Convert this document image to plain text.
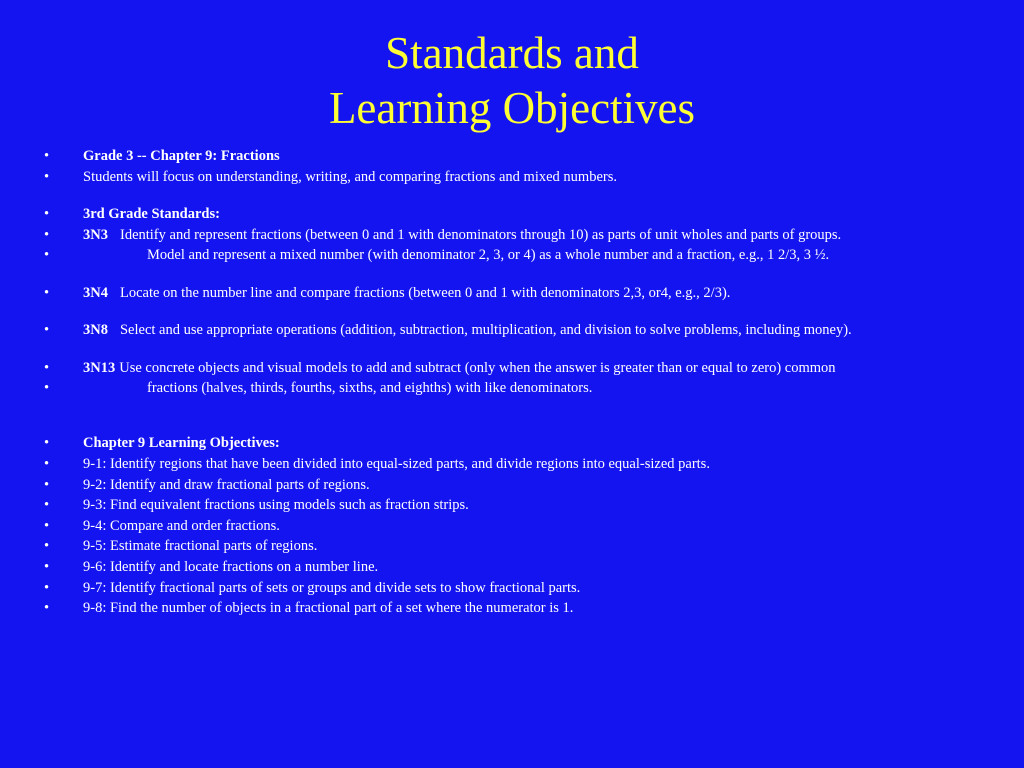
Standards and
Learning Objectives
•	Grade 3 -- Chapter 9: Fractions
•	Students will focus on understanding, writing, and comparing fractions and mixed numbers.
•	3rd Grade Standards:
•	3N3 Identify and represent fractions (between 0 and 1 with denominators through 10) as parts of unit wholes and parts of groups.
•	Model and represent a mixed number (with denominator 2, 3, or 4) as a whole number and a fraction, e.g., 1 2/3, 3 ½.
•	3N4 Locate on the number line and compare fractions (between 0 and 1 with denominators 2,3, or4, e.g., 2/3).
•	3N8 Select and use appropriate operations (addition, subtraction, multiplication, and division to solve problems, including money).
•	3N13 Use concrete objects and visual models to add and subtract (only when the answer is greater than or equal to zero) common
•	fractions (halves, thirds, fourths, sixths, and eighths) with like denominators.
•	Chapter 9 Learning Objectives:
•	9-1: Identify regions that have been divided into equal-sized parts, and divide regions into equal-sized parts.
•	9-2: Identify and draw fractional parts of regions.
•	9-3: Find equivalent fractions using models such as fraction strips.
•	9-4: Compare and order fractions.
•	9-5: Estimate fractional parts of regions.
•	9-6: Identify and locate fractions on a number line.
•	9-7: Identify fractional parts of sets or groups and divide sets to show fractional parts.
•	9-8: Find the number of objects in a fractional part of a set where the numerator is 1.
